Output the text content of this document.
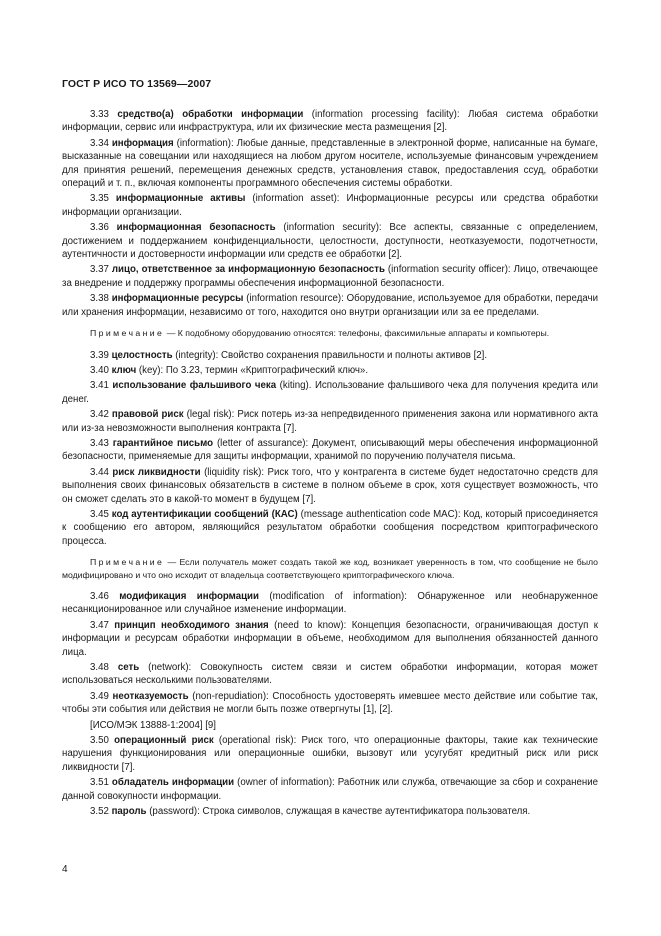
ГОСТ Р ИСО ТО 13569—2007

3.33 средство(а) обработки информации (information processing facility): Любая система обработки информации, сервис или инфраструктура, или их физические места размещения [2].

3.34 информация (information): Любые данные, представленные в электронной форме, написанные на бумаге, высказанные на совещании или находящиеся на любом другом носителе, используемые финансовым учреждением для принятия решений, перемещения денежных средств, установления ставок, предоставления ссуд, обработки операций и т. п., включая компоненты программного обеспечения системы обработки.

3.35 информационные активы (information asset): Информационные ресурсы или средства обработки информации организации.

3.36 информационная безопасность (information security): Все аспекты, связанные с определением, достижением и поддержанием конфиденциальности, целостности, доступности, неотказуемости, подотчетности, аутентичности и достоверности информации или средств ее обработки [2].

3.37 лицо, ответственное за информационную безопасность (information security officer): Лицо, отвечающее за внедрение и поддержку программы обеспечения информационной безопасности.

3.38 информационные ресурсы (information resource): Оборудование, используемое для обработки, передачи или хранения информации, независимо от того, находится оно внутри организации или за ее пределами.

Примечание — К подобному оборудованию относятся: телефоны, факсимильные аппараты и компьютеры.

3.39 целостность (integrity): Свойство сохранения правильности и полноты активов [2].

3.40 ключ (key): По 3.23, термин «Криптографический ключ».

3.41 использование фальшивого чека (kiting). Использование фальшивого чека для получения кредита или денег.

3.42 правовой риск (legal risk): Риск потерь из-за непредвиденного применения закона или нормативного акта или из-за невозможности выполнения контракта [7].

3.43 гарантийное письмо (letter of assurance): Документ, описывающий меры обеспечения информационной безопасности, применяемые для защиты информации, хранимой по поручению получателя письма.

3.44 риск ликвидности (liquidity risk): Риск того, что у контрагента в системе будет недостаточно средств для выполнения своих финансовых обязательств в системе в полном объеме в срок, хотя существует возможность, что он сможет сделать это в какой-то момент в будущем [7].

3.45 код аутентификации сообщений (КАС) (message authentication code MAC): Код, который присоединяется к сообщению его автором, являющийся результатом обработки сообщения посредством криптографического процесса.

Примечание — Если получатель может создать такой же код, возникает уверенность в том, что сообщение не было модифицировано и что оно исходит от владельца соответствующего криптографического ключа.

3.46 модификация информации (modification of information): Обнаруженное или необнаруженное несанкционированное или случайное изменение информации.

3.47 принцип необходимого знания (need to know): Концепция безопасности, ограничивающая доступ к информации и ресурсам обработки информации в объеме, необходимом для выполнения обязанностей данного лица.

3.48 сеть (network): Совокупность систем связи и систем обработки информации, которая может использоваться несколькими пользователями.

3.49 неотказуемость (non-repudiation): Способность удостоверять имевшее место действие или событие так, чтобы эти события или действия не могли быть позже отвергнуты [1], [2].

[ИСО/МЭК 13888-1:2004] [9]

3.50 операционный риск (operational risk): Риск того, что операционные факторы, такие как технические нарушения функционирования или операционные ошибки, вызовут или усугубят кредитный риск или риск ликвидности [7].

3.51 обладатель информации (owner of information): Работник или служба, отвечающие за сбор и сохранение данной совокупности информации.

3.52 пароль (password): Строка символов, служащая в качестве аутентификатора пользователя.

4
